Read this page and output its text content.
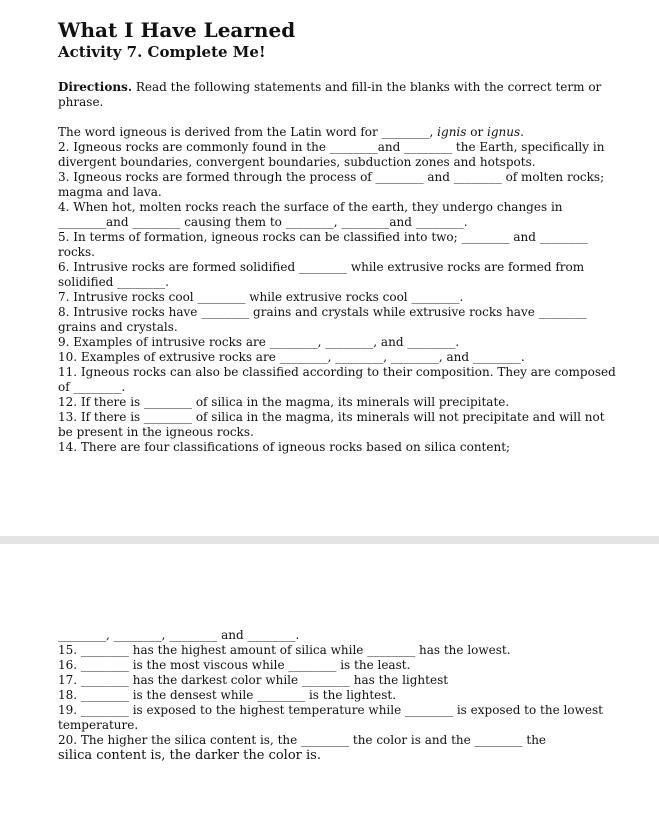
What I Have Learned
Activity 7. Complete Me!

Directions. Read the following statements and fill-in the blanks with the correct term or phrase.

The word igneous is derived from the Latin word for ________, ignis or ignus.

2. Igneous rocks are commonly found in the ________and ________ the Earth, specifically in divergent boundaries, convergent boundaries, subduction zones and hotspots.

3. Igneous rocks are formed through the process of ________ and ________ of molten rocks; magma and lava.

4. When hot, molten rocks reach the surface of the earth, they undergo changes in ________and ________ causing them to ________, ________and ________.

5. In terms of formation, igneous rocks can be classified into two; ________ and ________ rocks.

6. Intrusive rocks are formed solidified ________ while extrusive rocks are formed from solidified ________.

7. Intrusive rocks cool ________ while extrusive rocks cool ________.

8. Intrusive rocks have ________ grains and crystals while extrusive rocks have ________ grains and crystals.

9. Examples of intrusive rocks are ________, ________, and ________.

10. Examples of extrusive rocks are ________, ________, ________, and ________.

11. Igneous rocks can also be classified according to their composition. They are composed of ________.

12. If there is ________ of silica in the magma, its minerals will precipitate.

13. If there is ________ of silica in the magma, its minerals will not precipitate and will not be present in the igneous rocks.

14. There are four classifications of igneous rocks based on silica content;

________, ________, ________ and ________.

15. ________ has the highest amount of silica while ________ has the lowest.

16. ________ is the most viscous while ________ is the least.

17. ________ has the darkest color while ________ has the lightest

18. ________ is the densest while ________ is the lightest.

19. ________ is exposed to the highest temperature while ________ is exposed to the lowest temperature.

20. The higher the silica content is, the ________ the color is and the ________ the

silica content is, the darker the color is.
